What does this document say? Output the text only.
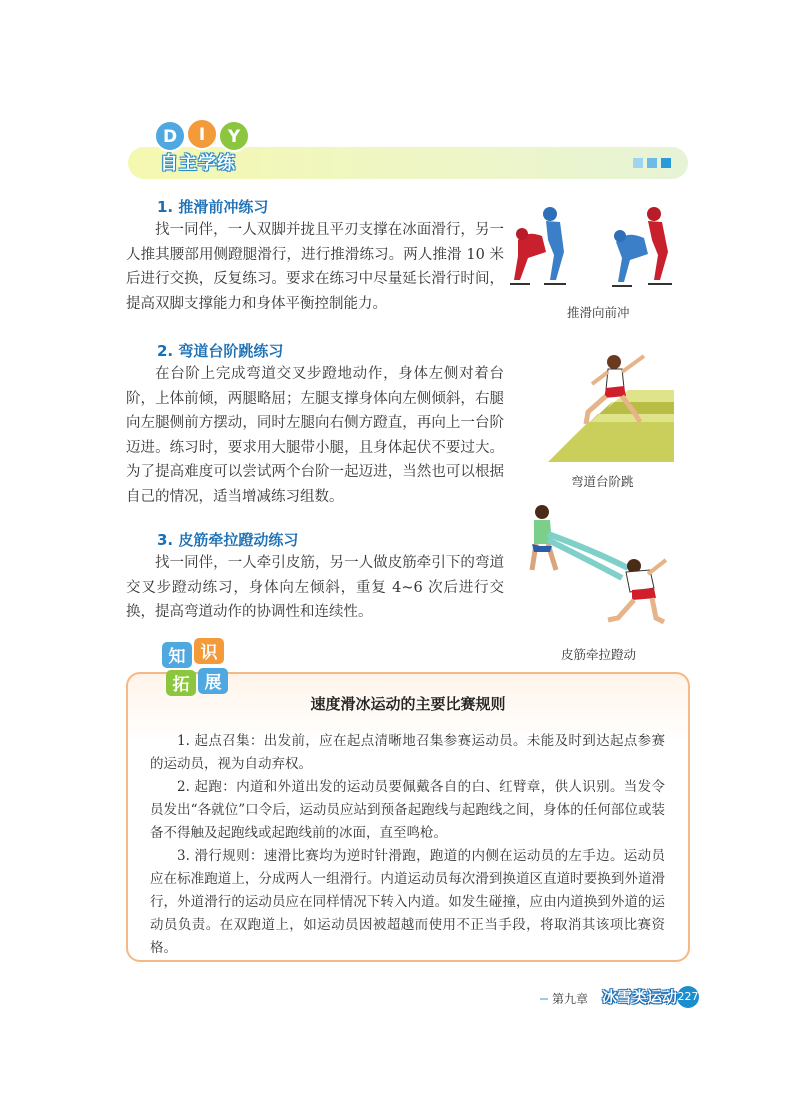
D I Y
自主学练
1. 推滑前冲练习
找一同伴，一人双脚并拢且平刃支撑在冰面滑行，另一人推其腰部用侧蹬腿滑行，进行推滑练习。两人推滑 10 米后进行交换，反复练习。要求在练习中尽量延长滑行时间，提高双脚支撑能力和身体平衡控制能力。
推滑向前冲
2. 弯道台阶跳练习
在台阶上完成弯道交叉步蹬地动作，身体左侧对着台阶，上体前倾，两腿略屈；左腿支撑身体向左侧倾斜，右腿向左腿侧前方摆动，同时左腿向右侧方蹬直，再向上一台阶迈进。练习时，要求用大腿带小腿，且身体起伏不要过大。为了提高难度可以尝试两个台阶一起迈进，当然也可以根据自己的情况，适当增减练习组数。
弯道台阶跳
3. 皮筋牵拉蹬动练习
找一同伴，一人牵引皮筋，另一人做皮筋牵引下的弯道交叉步蹬动练习，身体向左倾斜，重复 4~6 次后进行交换，提高弯道动作的协调性和连续性。
皮筋牵拉蹬动
知 识
拓 展
速度滑冰运动的主要比赛规则
1. 起点召集：出发前，应在起点清晰地召集参赛运动员。未能及时到达起点参赛的运动员，视为自动弃权。
2. 起跑：内道和外道出发的运动员要佩戴各自的白、红臂章，供人识别。当发令员发出“各就位”口令后，运动员应站到预备起跑线与起跑线之间，身体的任何部位或装备不得触及起跑线或起跑线前的冰面，直至鸣枪。
3. 滑行规则：速滑比赛均为逆时针滑跑，跑道的内侧在运动员的左手边。运动员应在标准跑道上，分成两人一组滑行。内道运动员每次滑到换道区直道时要换到外道滑行，外道滑行的运动员应在同样情况下转入内道。如发生碰撞，应由内道换到外道的运动员负责。在双跑道上，如运动员因被超越而使用不正当手段，将取消其该项比赛资格。
第九章 冰雪类运动 227
